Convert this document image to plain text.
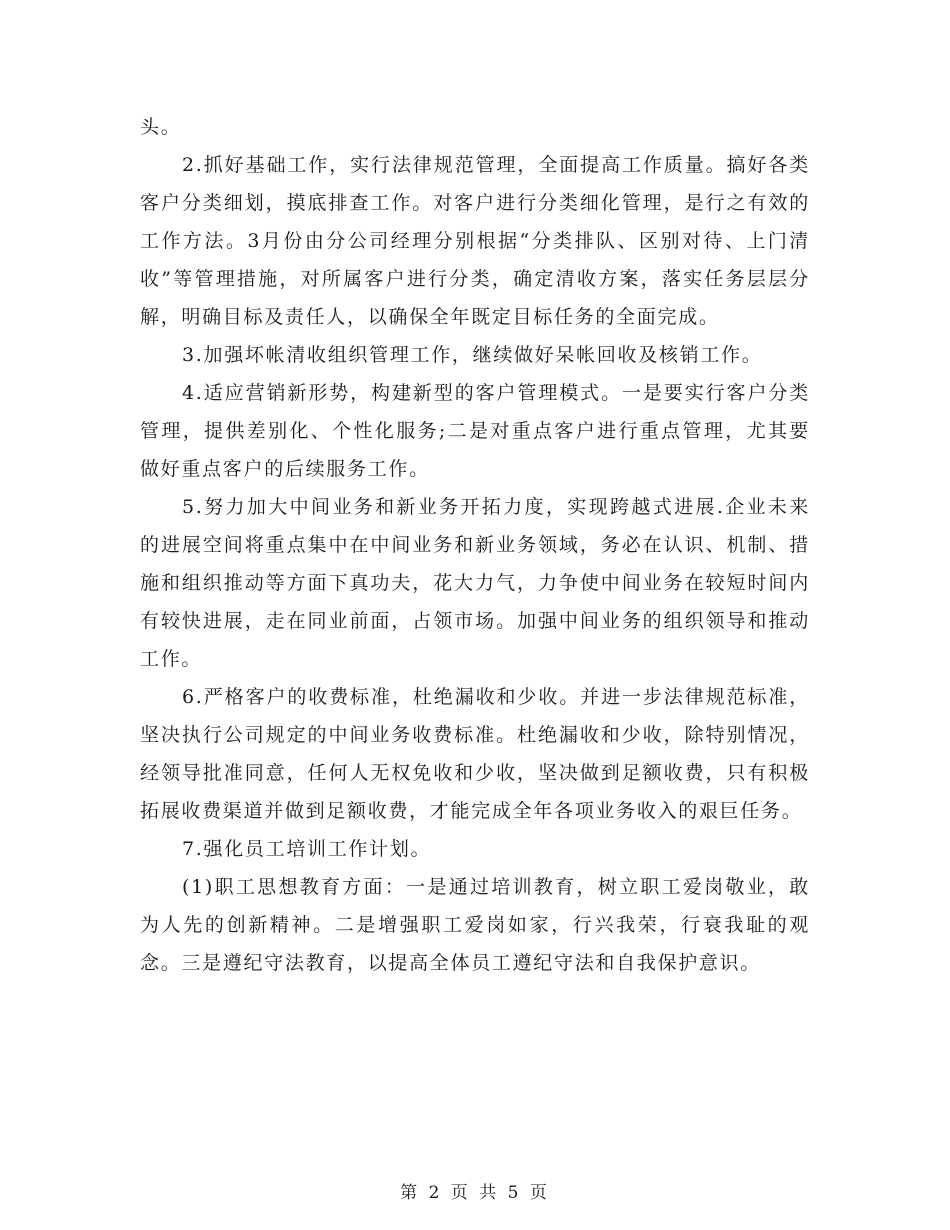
头。

2.抓好基础工作，实行法律规范管理，全面提高工作质量。搞好各类客户分类细划，摸底排查工作。对客户进行分类细化管理，是行之有效的工作方法。3月份由分公司经理分别根据“分类排队、区别对待、上门清收”等管理措施，对所属客户进行分类，确定清收方案，落实任务层层分解，明确目标及责任人，以确保全年既定目标任务的全面完成。

3.加强坏帐清收组织管理工作，继续做好呆帐回收及核销工作。

4.适应营销新形势，构建新型的客户管理模式。一是要实行客户分类管理，提供差别化、个性化服务;二是对重点客户进行重点管理，尤其要做好重点客户的后续服务工作。

5.努力加大中间业务和新业务开拓力度，实现跨越式进展.企业未来的进展空间将重点集中在中间业务和新业务领域，务必在认识、机制、措施和组织推动等方面下真功夫，花大力气，力争使中间业务在较短时间内有较快进展，走在同业前面，占领市场。加强中间业务的组织领导和推动工作。

6.严格客户的收费标准，杜绝漏收和少收。并进一步法律规范标准，坚决执行公司规定的中间业务收费标准。杜绝漏收和少收，除特别情况，经领导批准同意，任何人无权免收和少收，坚决做到足额收费，只有积极拓展收费渠道并做到足额收费，才能完成全年各项业务收入的艰巨任务。

7.强化员工培训工作计划。

(1)职工思想教育方面：一是通过培训教育，树立职工爱岗敬业，敢为人先的创新精神。二是增强职工爱岗如家，行兴我荣，行衰我耻的观念。三是遵纪守法教育，以提高全体员工遵纪守法和自我保护意识。

第 2 页 共 5 页
